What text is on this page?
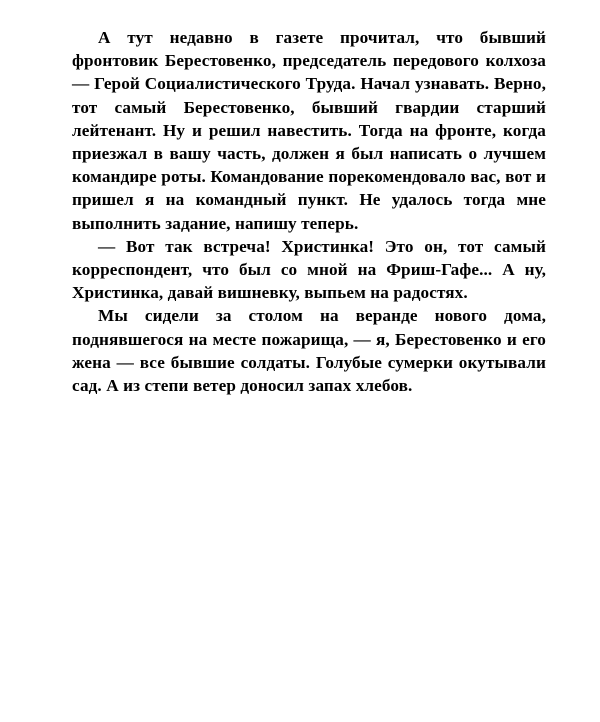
А тут недавно в газете прочитал, что бывший фронтовик Берестовенко, председатель передового колхоза — Герой Социалистического Труда. Начал узнавать. Верно, тот самый Берестовенко, бывший гвардии старший лейтенант. Ну и решил навестить. Тогда на фронте, когда приезжал в вашу часть, должен я был написать о лучшем командире роты. Командование порекомендовало вас, вот и пришел я на командный пункт. Не удалось тогда мне выполнить задание, напишу теперь.

— Вот так встреча! Христинка! Это он, тот самый корреспондент, что был со мной на Фриш-Гафе... А ну, Христинка, давай вишневку, выпьем на радостях.

Мы сидели за столом на веранде нового дома, поднявшегося на месте пожарища, — я, Берестовенко и его жена — все бывшие солдаты. Голубые сумерки окутывали сад. А из степи ветер доносил запах хлебов.
